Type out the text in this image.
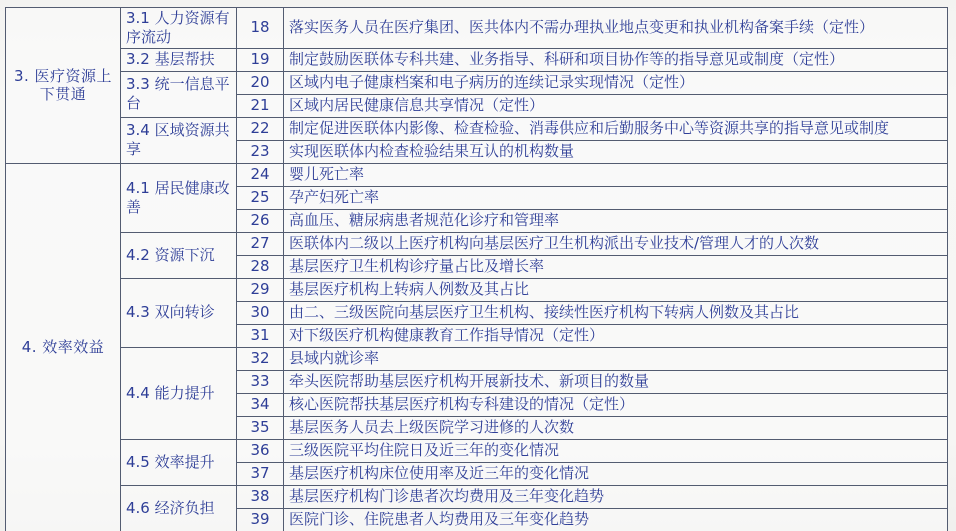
3. 医疗资源上下贯通	3.1 人力资源有序流动	18	落实医务人员在医疗集团、医共体内不需办理执业地点变更和执业机构备案手续（定性）
	3.2 基层帮扶	19	制定鼓励医联体专科共建、业务指导、科研和项目协作等的指导意见或制度（定性）
	3.3 统一信息平台	20	区域内电子健康档案和电子病历的连续记录实现情况（定性）
		21	区域内居民健康信息共享情况（定性）
	3.4 区域资源共享	22	制定促进医联体内影像、检查检验、消毒供应和后勤服务中心等资源共享的指导意见或制度
		23	实现医联体内检查检验结果互认的机构数量
4. 效率效益	4.1 居民健康改善	24	婴儿死亡率
		25	孕产妇死亡率
		26	高血压、糖尿病患者规范化诊疗和管理率
	4.2 资源下沉	27	医联体内二级以上医疗机构向基层医疗卫生机构派出专业技术/管理人才的人次数
		28	基层医疗卫生机构诊疗量占比及增长率
	4.3 双向转诊	29	基层医疗机构上转病人例数及其占比
		30	由二、三级医院向基层医疗卫生机构、接续性医疗机构下转病人例数及其占比
		31	对下级医疗机构健康教育工作指导情况（定性）
	4.4 能力提升	32	县域内就诊率
		33	牵头医院帮助基层医疗机构开展新技术、新项目的数量
		34	核心医院帮扶基层医疗机构专科建设的情况（定性）
		35	基层医务人员去上级医院学习进修的人次数
	4.5 效率提升	36	三级医院平均住院日及近三年的变化情况
		37	基层医疗机构床位使用率及近三年的变化情况
	4.6 经济负担	38	基层医疗机构门诊患者次均费用及三年变化趋势
		39	医院门诊、住院患者人均费用及三年变化趋势
